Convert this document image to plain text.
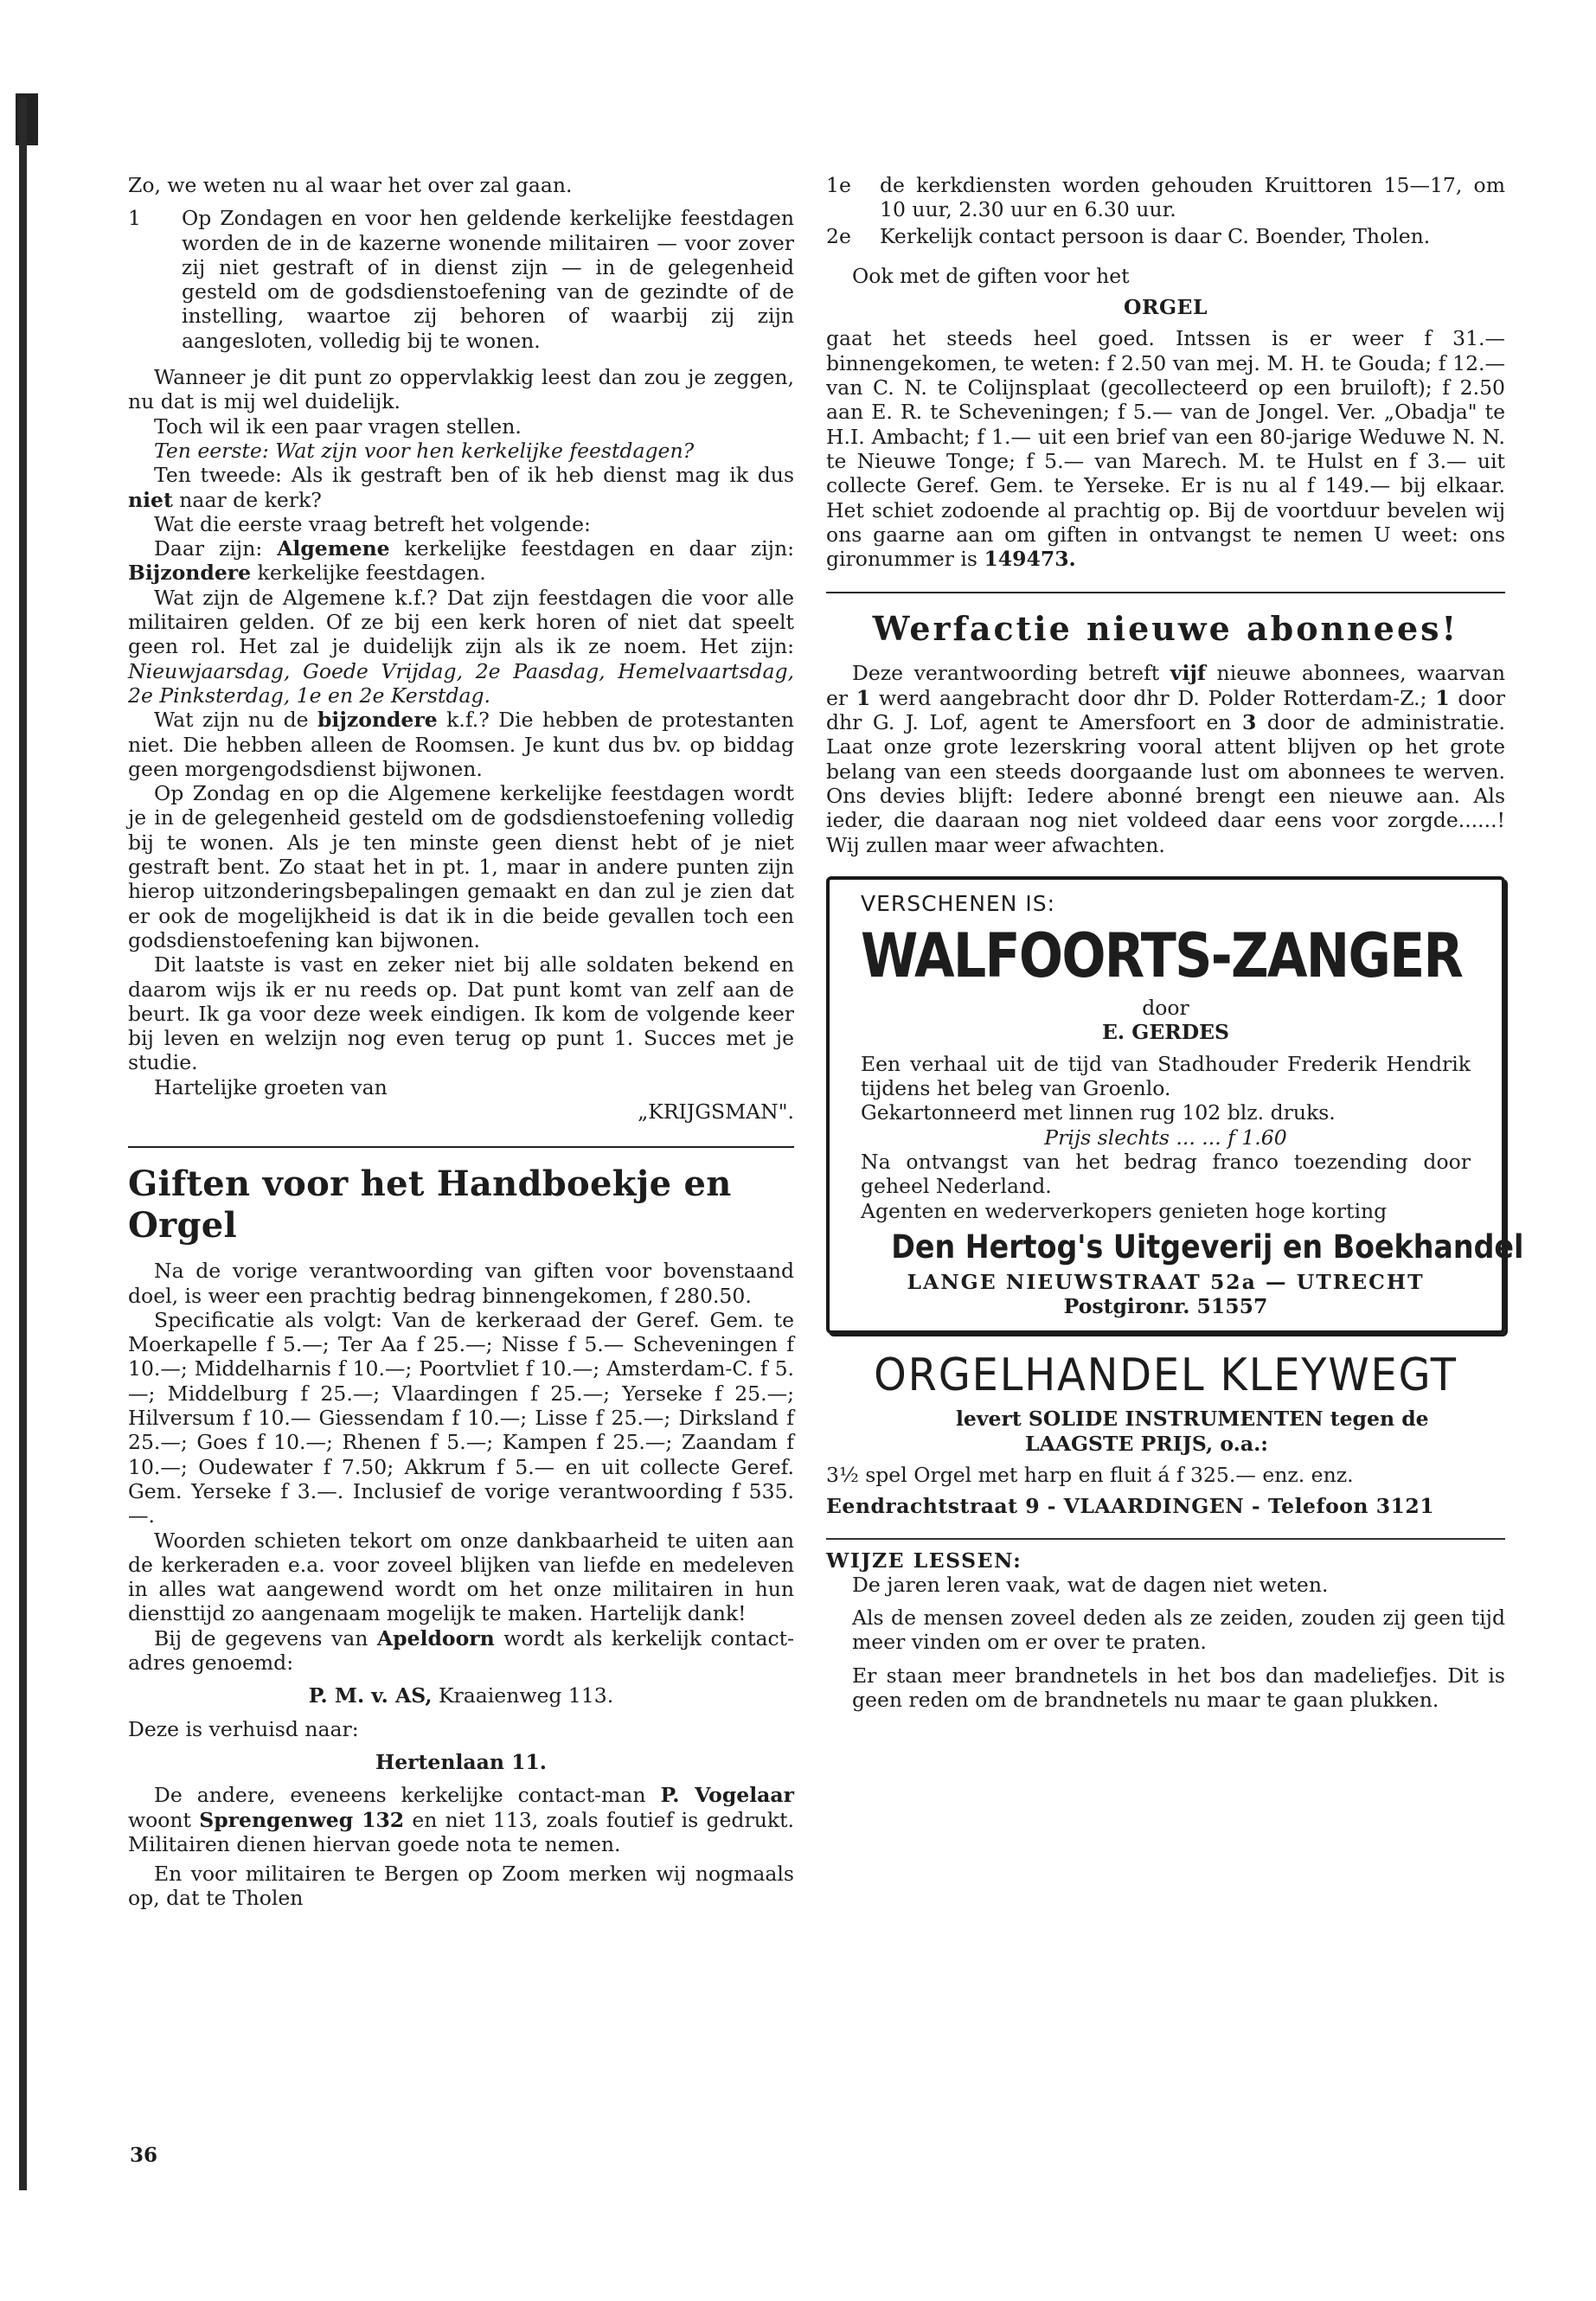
Zo, we weten nu al waar het over zal gaan.

1	Op Zondagen en voor hen geldende kerkelijke feestdagen worden de in de kazerne wonende militairen — voor zover zij niet gestraft of in dienst zijn — in de gelegenheid gesteld om de godsdienstoefening van de gezindte of de instelling, waartoe zij behoren of waarbij zij zijn aangesloten, volledig bij te wonen.

Wanneer je dit punt zo oppervlakkig leest dan zou je zeggen, nu dat is mij wel duidelijk.

Toch wil ik een paar vragen stellen.

Ten eerste: Wat zijn voor hen kerkelijke feestdagen?

Ten tweede: Als ik gestraft ben of ik heb dienst mag ik dus niet naar de kerk?

Wat die eerste vraag betreft het volgende:

Daar zijn: Algemene kerkelijke feestdagen en daar zijn: Bijzondere kerkelijke feestdagen.

Wat zijn de Algemene k.f.? Dat zijn feestdagen die voor alle militairen gelden. Of ze bij een kerk horen of niet dat speelt geen rol. Het zal je duidelijk zijn als ik ze noem. Het zijn: Nieuwjaarsdag, Goede Vrijdag, 2e Paasdag, Hemelvaartsdag, 2e Pinksterdag, 1e en 2e Kerstdag.

Wat zijn nu de bijzondere k.f.? Die hebben de protestanten niet. Die hebben alleen de Roomsen. Je kunt dus bv. op biddag geen morgengodsdienst bijwonen.

Op Zondag en op die Algemene kerkelijke feestdagen wordt je in de gelegenheid gesteld om de godsdienstoefening volledig bij te wonen. Als je ten minste geen dienst hebt of je niet gestraft bent. Zo staat het in pt. 1, maar in andere punten zijn hierop uitzonderingsbepalingen gemaakt en dan zul je zien dat er ook de mogelijkheid is dat ik in die beide gevallen toch een godsdienstoefening kan bijwonen.

Dit laatste is vast en zeker niet bij alle soldaten bekend en daarom wijs ik er nu reeds op. Dat punt komt van zelf aan de beurt. Ik ga voor deze week eindigen. Ik kom de volgende keer bij leven en welzijn nog even terug op punt 1. Succes met je studie.

Hartelijke groeten van

„KRIJGSMAN".

Giften voor het Handboekje en Orgel

Na de vorige verantwoording van giften voor bovenstaand doel, is weer een prachtig bedrag binnengekomen, f 280.50.

Specificatie als volgt: Van de kerkeraad der Geref. Gem. te Moerkapelle f 5.—; Ter Aa f 25.—; Nisse f 5.— Scheveningen f 10.—; Middelharnis f 10.—; Poortvliet f 10.—; Amsterdam-C. f 5.—; Middelburg f 25.—; Vlaardingen f 25.—; Yerseke f 25.—; Hilversum f 10.— Giessendam f 10.—; Lisse f 25.—; Dirksland f 25.—; Goes f 10.—; Rhenen f 5.—; Kampen f 25.—; Zaandam f 10.—; Oudewater f 7.50; Akkrum f 5.— en uit collecte Geref. Gem. Yerseke f 3.—. Inclusief de vorige verantwoording f 535.—.

Woorden schieten tekort om onze dankbaarheid te uiten aan de kerkeraden e.a. voor zoveel blijken van liefde en medeleven in alles wat aangewend wordt om het onze militairen in hun diensttijd zo aangenaam mogelijk te maken. Hartelijk dank!

Bij de gegevens van Apeldoorn wordt als kerkelijk contact-adres genoemd:

P. M. v. AS, Kraaienweg 113.

Deze is verhuisd naar:

Hertenlaan 11.

De andere, eveneens kerkelijke contact-man P. Vogelaar woont Sprengenweg 132 en niet 113, zoals foutief is gedrukt. Militairen dienen hiervan goede nota te nemen.

En voor militairen te Bergen op Zoom merken wij nogmaals op, dat te Tholen

1e	de kerkdiensten worden gehouden Kruittoren 15—17, om 10 uur, 2.30 uur en 6.30 uur.
2e	Kerkelijk contact persoon is daar C. Boender, Tholen.

Ook met de giften voor het

ORGEL

gaat het steeds heel goed. Intssen is er weer f 31.— binnengekomen, te weten: f 2.50 van mej. M. H. te Gouda; f 12.— van C. N. te Colijnsplaat (gecollecteerd op een bruiloft); f 2.50 aan E. R. te Scheveningen; f 5.— van de Jongel. Ver. „Obadja" te H.I. Ambacht; f 1.— uit een brief van een 80-jarige Weduwe N. N. te Nieuwe Tonge; f 5.— van Marech. M. te Hulst en f 3.— uit collecte Geref. Gem. te Yerseke. Er is nu al f 149.— bij elkaar. Het schiet zodoende al prachtig op. Bij de voortduur bevelen wij ons gaarne aan om giften in ontvangst te nemen U weet: ons gironummer is 149473.

Werfactie nieuwe abonnees!

Deze verantwoording betreft vijf nieuwe abonnees, waarvan er 1 werd aangebracht door dhr D. Polder Rotterdam-Z.; 1 door dhr G. J. Lof, agent te Amersfoort en 3 door de administratie. Laat onze grote lezerskring vooral attent blijven op het grote belang van een steeds doorgaande lust om abonnees te werven. Ons devies blijft: Iedere abonné brengt een nieuwe aan. Als ieder, die daaraan nog niet voldeed daar eens voor zorgde......! Wij zullen maar weer afwachten.

VERSCHENEN IS:
WALFOORTS-ZANGER

door

E. GERDES

Een verhaal uit de tijd van Stadhouder Frederik Hendrik tijdens het beleg van Groenlo.

Gekartonneerd met linnen rug 102 blz. druks.

Prijs slechts ... ... f 1.60

Na ontvangst van het bedrag franco toezending door geheel Nederland.

Agenten en wederverkopers genieten hoge korting

Den Hertog's Uitgeverij en Boekhandel

LANGE NIEUWSTRAAT 52a — UTRECHT

Postgironr. 51557

ORGELHANDEL KLEYWEGT

levert SOLIDE INSTRUMENTEN tegen de

LAAGSTE PRIJS, o.a.:

3½ spel Orgel met harp en fluit á f 325.— enz. enz.

Eendrachtstraat 9 - VLAARDINGEN - Telefoon 3121

WIJZE LESSEN:

De jaren leren vaak, wat de dagen niet weten.

Als de mensen zoveel deden als ze zeiden, zouden zij geen tijd meer vinden om er over te praten.

Er staan meer brandnetels in het bos dan madeliefjes. Dit is geen reden om de brandnetels nu maar te gaan plukken.

36
